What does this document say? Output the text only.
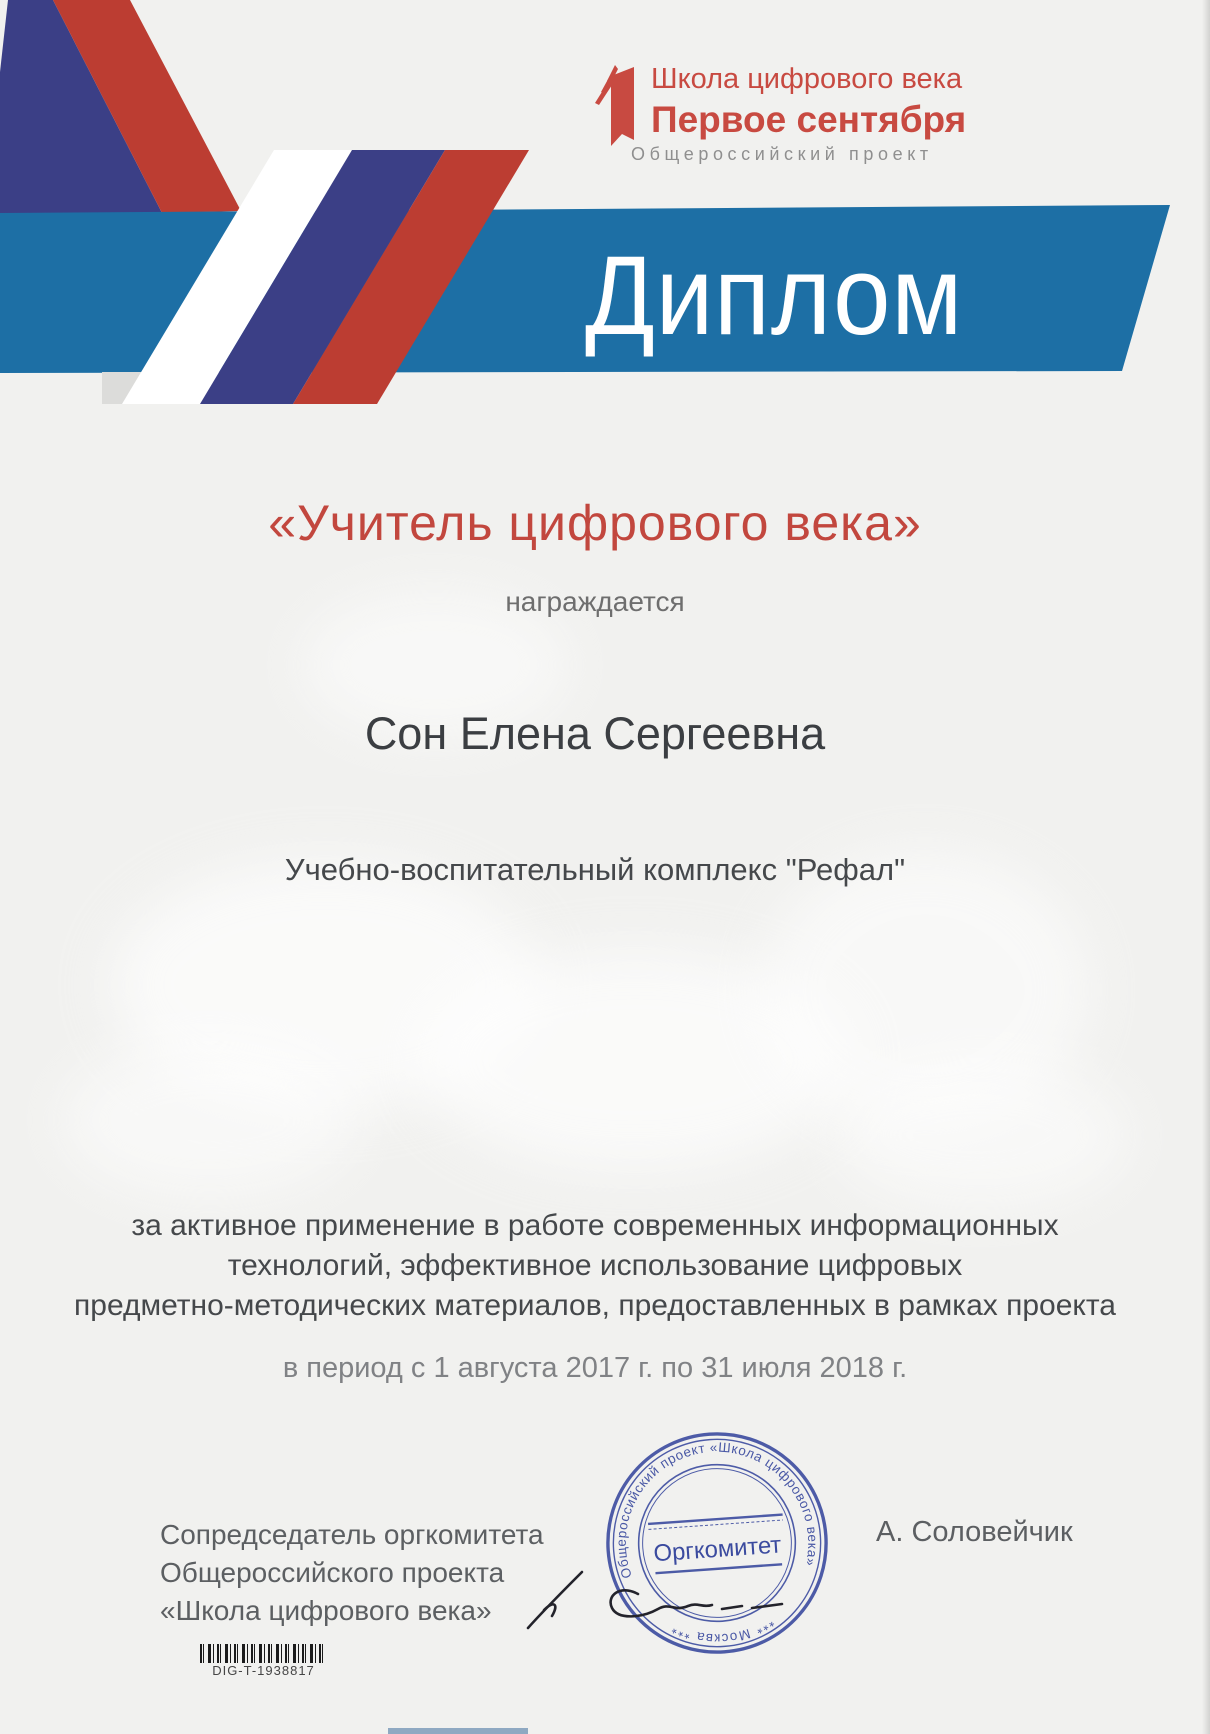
Диплом
Школа цифрового века
Первое сентября
Общероссийский проект
«Учитель цифрового века»
награждается
Сон Елена Сергеевна
Учебно-воспитательный комплекс "Рефал"
за активное применение в работе современных информационных
технологий, эффективное использование цифровых
предметно-методических материалов, предоставленных в рамках проекта
в период с 1 августа 2017 г. по 31 июля 2018 г.
Сопредседатель оргкомитета
Общероссийского проекта
«Школа цифрового века»
А. Соловейчик
DIG-T-1938817
Общероссийский проект «Школа цифрового века»
*** Москва ***
Оргкомитет
